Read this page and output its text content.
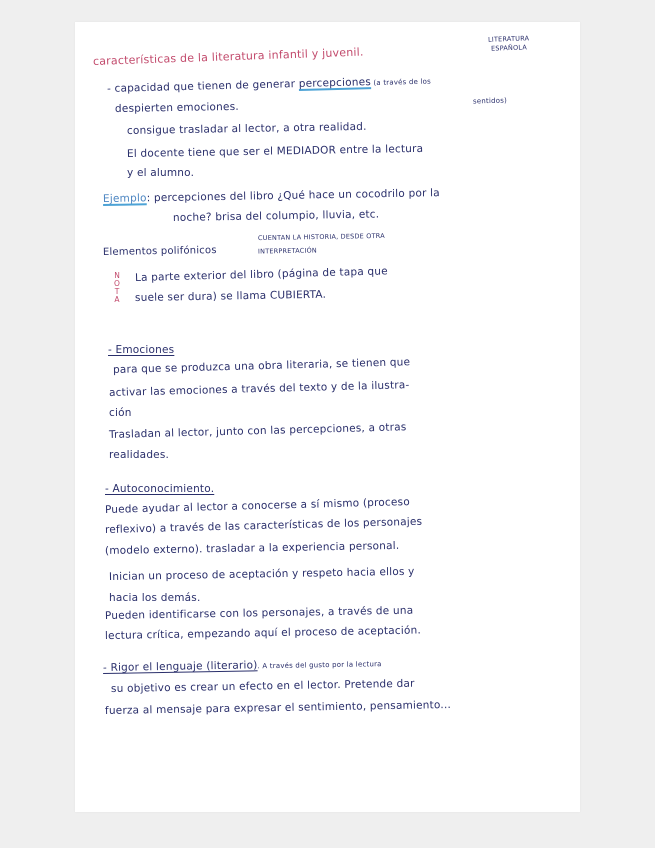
LITERATURA
ESPAÑOLA
características de la literatura infantil y juvenil.
- capacidad que tienen de generar percepciones (a través de los
sentidos)
despierten emociones.
consigue trasladar al lector, a otra realidad.
El docente tiene que ser el MEDIADOR entre la lectura
y el alumno.
Ejemplo: percepciones del libro ¿Qué hace un cocodrilo por la
noche? brisa del columpio, lluvia, etc.
CUENTAN LA HISTORIA, DESDE OTRA
Elementos polifónicos	INTERPRETACIÓN
NOTA
La parte exterior del libro (página de tapa que
suele ser dura) se llama CUBIERTA.
- Emociones
para que se produzca una obra literaria, se tienen que
activar las emociones a través del texto y de la ilustra-
ción
Trasladan al lector, junto con las percepciones, a otras
realidades.
- Autoconocimiento.
Puede ayudar al lector a conocerse a sí mismo (proceso
reflexivo) a través de las características de los personajes
(modelo externo). trasladar a la experiencia personal.
Inician un proceso de aceptación y respeto hacia ellos y
hacia los demás.
Pueden identificarse con los personajes, a través de una
lectura crítica, empezando aquí el proceso de aceptación.
- Rigor el lenguaje (literario). A través del gusto por la lectura
su objetivo es crear un efecto en el lector. Pretende dar
fuerza al mensaje para expresar el sentimiento, pensamiento...
